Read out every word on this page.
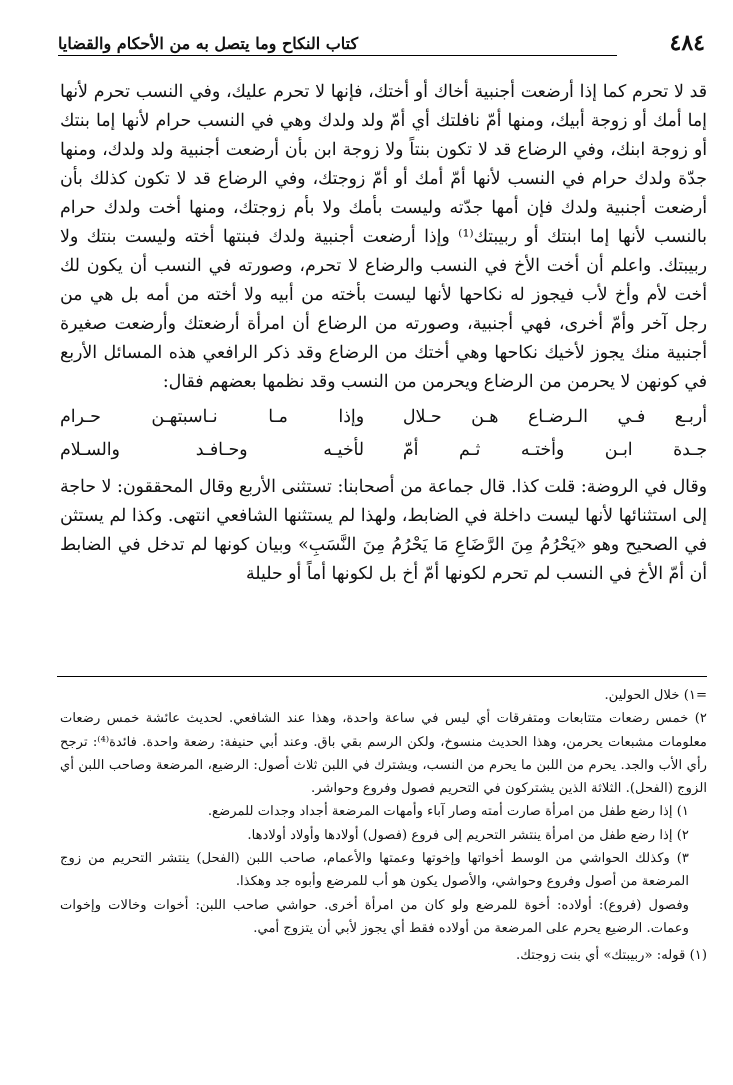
٤٨٤
كتاب النكاح وما يتصل به من الأحكام والقضايا

قد لا تحرم كما إذا أرضعت أجنبية أخاك أو أختك، فإنها لا تحرم عليك، وفي النسب تحرم لأنها إما أمك أو زوجة أبيك، ومنها أمّ نافلتك أي أمّ ولد ولدك وهي في النسب حرام لأنها إما بنتك أو زوجة ابنك، وفي الرضاع قد لا تكون بنتاً ولا زوجة ابن بأن أرضعت أجنبية ولد ولدك، ومنها جدّة ولدك حرام في النسب لأنها أمّ أمك أو أمّ زوجتك، وفي الرضاع قد لا تكون كذلك بأن أرضعت أجنبية ولدك فإن أمها جدّته وليست بأمك ولا بأم زوجتك، ومنها أخت ولدك حرام بالنسب لأنها إما ابنتك أو ربيبتك⁽¹⁾ وإذا أرضعت أجنبية ولدك فبنتها أخته وليست بنتك ولا ربيبتك. واعلم أن أخت الأخ في النسب والرضاع لا تحرم، وصورته في النسب أن يكون لك أخت لأم وأخ لأب فيجوز له نكاحها لأنها ليست بأخته من أبيه ولا أخته من أمه بل هي من رجل آخر وأمّ أخرى، فهي أجنبية، وصورته من الرضاع أن امرأة أرضعتك وأرضعت صغيرة أجنبية منك يجوز لأخيك نكاحها وهي أختك من الرضاع وقد ذكر الرافعي هذه المسائل الأربع في كونهن لا يحرمن من الرضاع ويحرمن من النسب وقد نظمها بعضهم فقال:

أربـع فـي الـرضـاع هـن حـلال
وإذا مـا نـاسبتهـن حـرام
جـدة ابـن وأختـه ثـم أمّ
لأخيـه وحـافـد والسـلام

وقال في الروضة: قلت كذا. قال جماعة من أصحابنا: تستثنى الأربع وقال المحققون: لا حاجة إلى استثنائها لأنها ليست داخلة في الضابط، ولهذا لم يستثنها الشافعي انتهى. وكذا لم يستثن في الصحيح وهو «يَحْرُمُ مِنَ الرَّضَاعِ مَا يَحْرُمُ مِنَ النَّسَبِ» وبيان كونها لم تدخل في الضابط أن أمّ الأخ في النسب لم تحرم لكونها أمّ أخ بل لكونها أماً أو حليلة

=١) خلال الحولين.

٢) خمس رضعات متتابعات ومتفرقات أي ليس في ساعة واحدة، وهذا عند الشافعي. لحديث عائشة خمس رضعات معلومات مشبعات يحرمن، وهذا الحديث منسوخ، ولكن الرسم بقي باق. وعند أبي حنيفة: رضعة واحدة. فائدة⁽⁴⁾: ترجح رأي الأب والجد. يحرم من اللبن ما يحرم من النسب، ويشترك في اللبن ثلاث أصول: الرضيع، المرضعة وصاحب اللبن أي الزوج (الفحل). الثلاثة الذين يشتركون في التحريم فصول وفروع وحواشر.

١) إذا رضع طفل من امرأة صارت أمته وصار آباء وأمهات المرضعة أجداد وجدات للمرضع.

٢) إذا رضع طفل من امرأة ينتشر التحريم إلى فروع (فصول) أولادها وأولاد أولادها.

٣) وكذلك الحواشي من الوسط أخواتها وإخوتها وعمتها والأعمام، صاحب اللبن (الفحل) ينتشر التحريم من زوج المرضعة من أصول وفروع وحواشي، والأصول يكون هو أب للمرضع وأبوه جد وهكذا.

وفصول (فروع): أولاده: أخوة للمرضع ولو كان من امرأة أخرى. حواشي صاحب اللبن: أخوات وخالات وإخوات وعمات. الرضيع يحرم على المرضعة من أولاده فقط أي يجوز لأبي أن يتزوج أمي.

(١) قوله: «ربيبتك» أي بنت زوجتك.
